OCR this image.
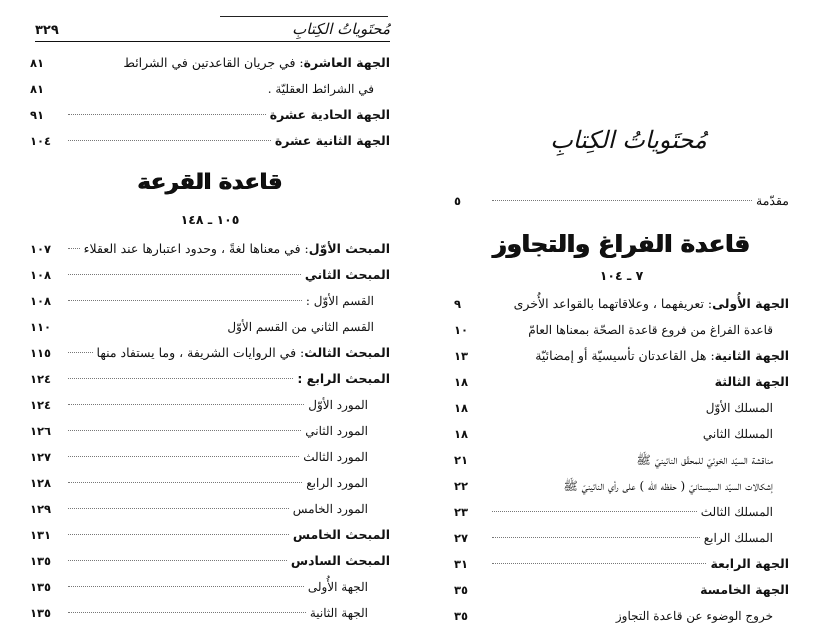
مُحتَوياتُ الكِتابِ
٣٢٩
الجهة العاشرة: في جريان القاعدتين في الشرائط
٨١
في الشرائط العقليّة .
٨١
الجهة الحادية عشرة
٩١
الجهة الثانية عشرة
١٠٤
قاعدة القرعة
١٠٥ ـ ١٤٨
المبحث الأوّل: في معناها لغةً ، وحدود اعتبارها عند العقلاء
١٠٧
المبحث الثاني
١٠٨
القسم الأوّل :
١٠٨
القسم الثاني من القسم الأوّل
١١٠
المبحث الثالث: في الروايات الشريفة ، وما يستفاد منها
١١٥
المبحث الرابع :
١٢٤
المورد الأوّل
١٢٤
المورد الثاني
١٢٦
المورد الثالث
١٢٧
المورد الرابع
١٢٨
المورد الخامس
١٢٩
المبحث الخامس
١٣١
المبحث السادس
١٣٥
الجهة الأُولى
١٣٥
الجهة الثانية
١٣٥
مُحتَوياتُ الكِتابِ
مقدّمة
٥
قاعدة الفراغ والتجاوز
٧ ـ ١٠٤
الجهة الأُولى: تعريفهما ، وعلاقاتهما بالقواعد الأُخرى
٩
قاعدة الفراغ من فروع قاعدة الصحّة بمعناها العامّ
١٠
الجهة الثانية: هل القاعدتان تأسيسيّة أو إمضائيّة
١٣
الجهة الثالثة
١٨
المسلك الأوّل
١٨
المسلك الثاني
١٨
مناقشة السيّد الخوئيّ للمحقّق النائينيّ ﷺ
٢١
إشكالات السيّد السيستانيّ ( حفظه الله ) على رأي النائينيّ ﷺ
٢٢
المسلك الثالث
٢٣
المسلك الرابع
٢٧
الجهة الرابعة
٣١
الجهة الخامسة
٣٥
خروج الوضوء عن قاعدة التجاوز
٣٥
